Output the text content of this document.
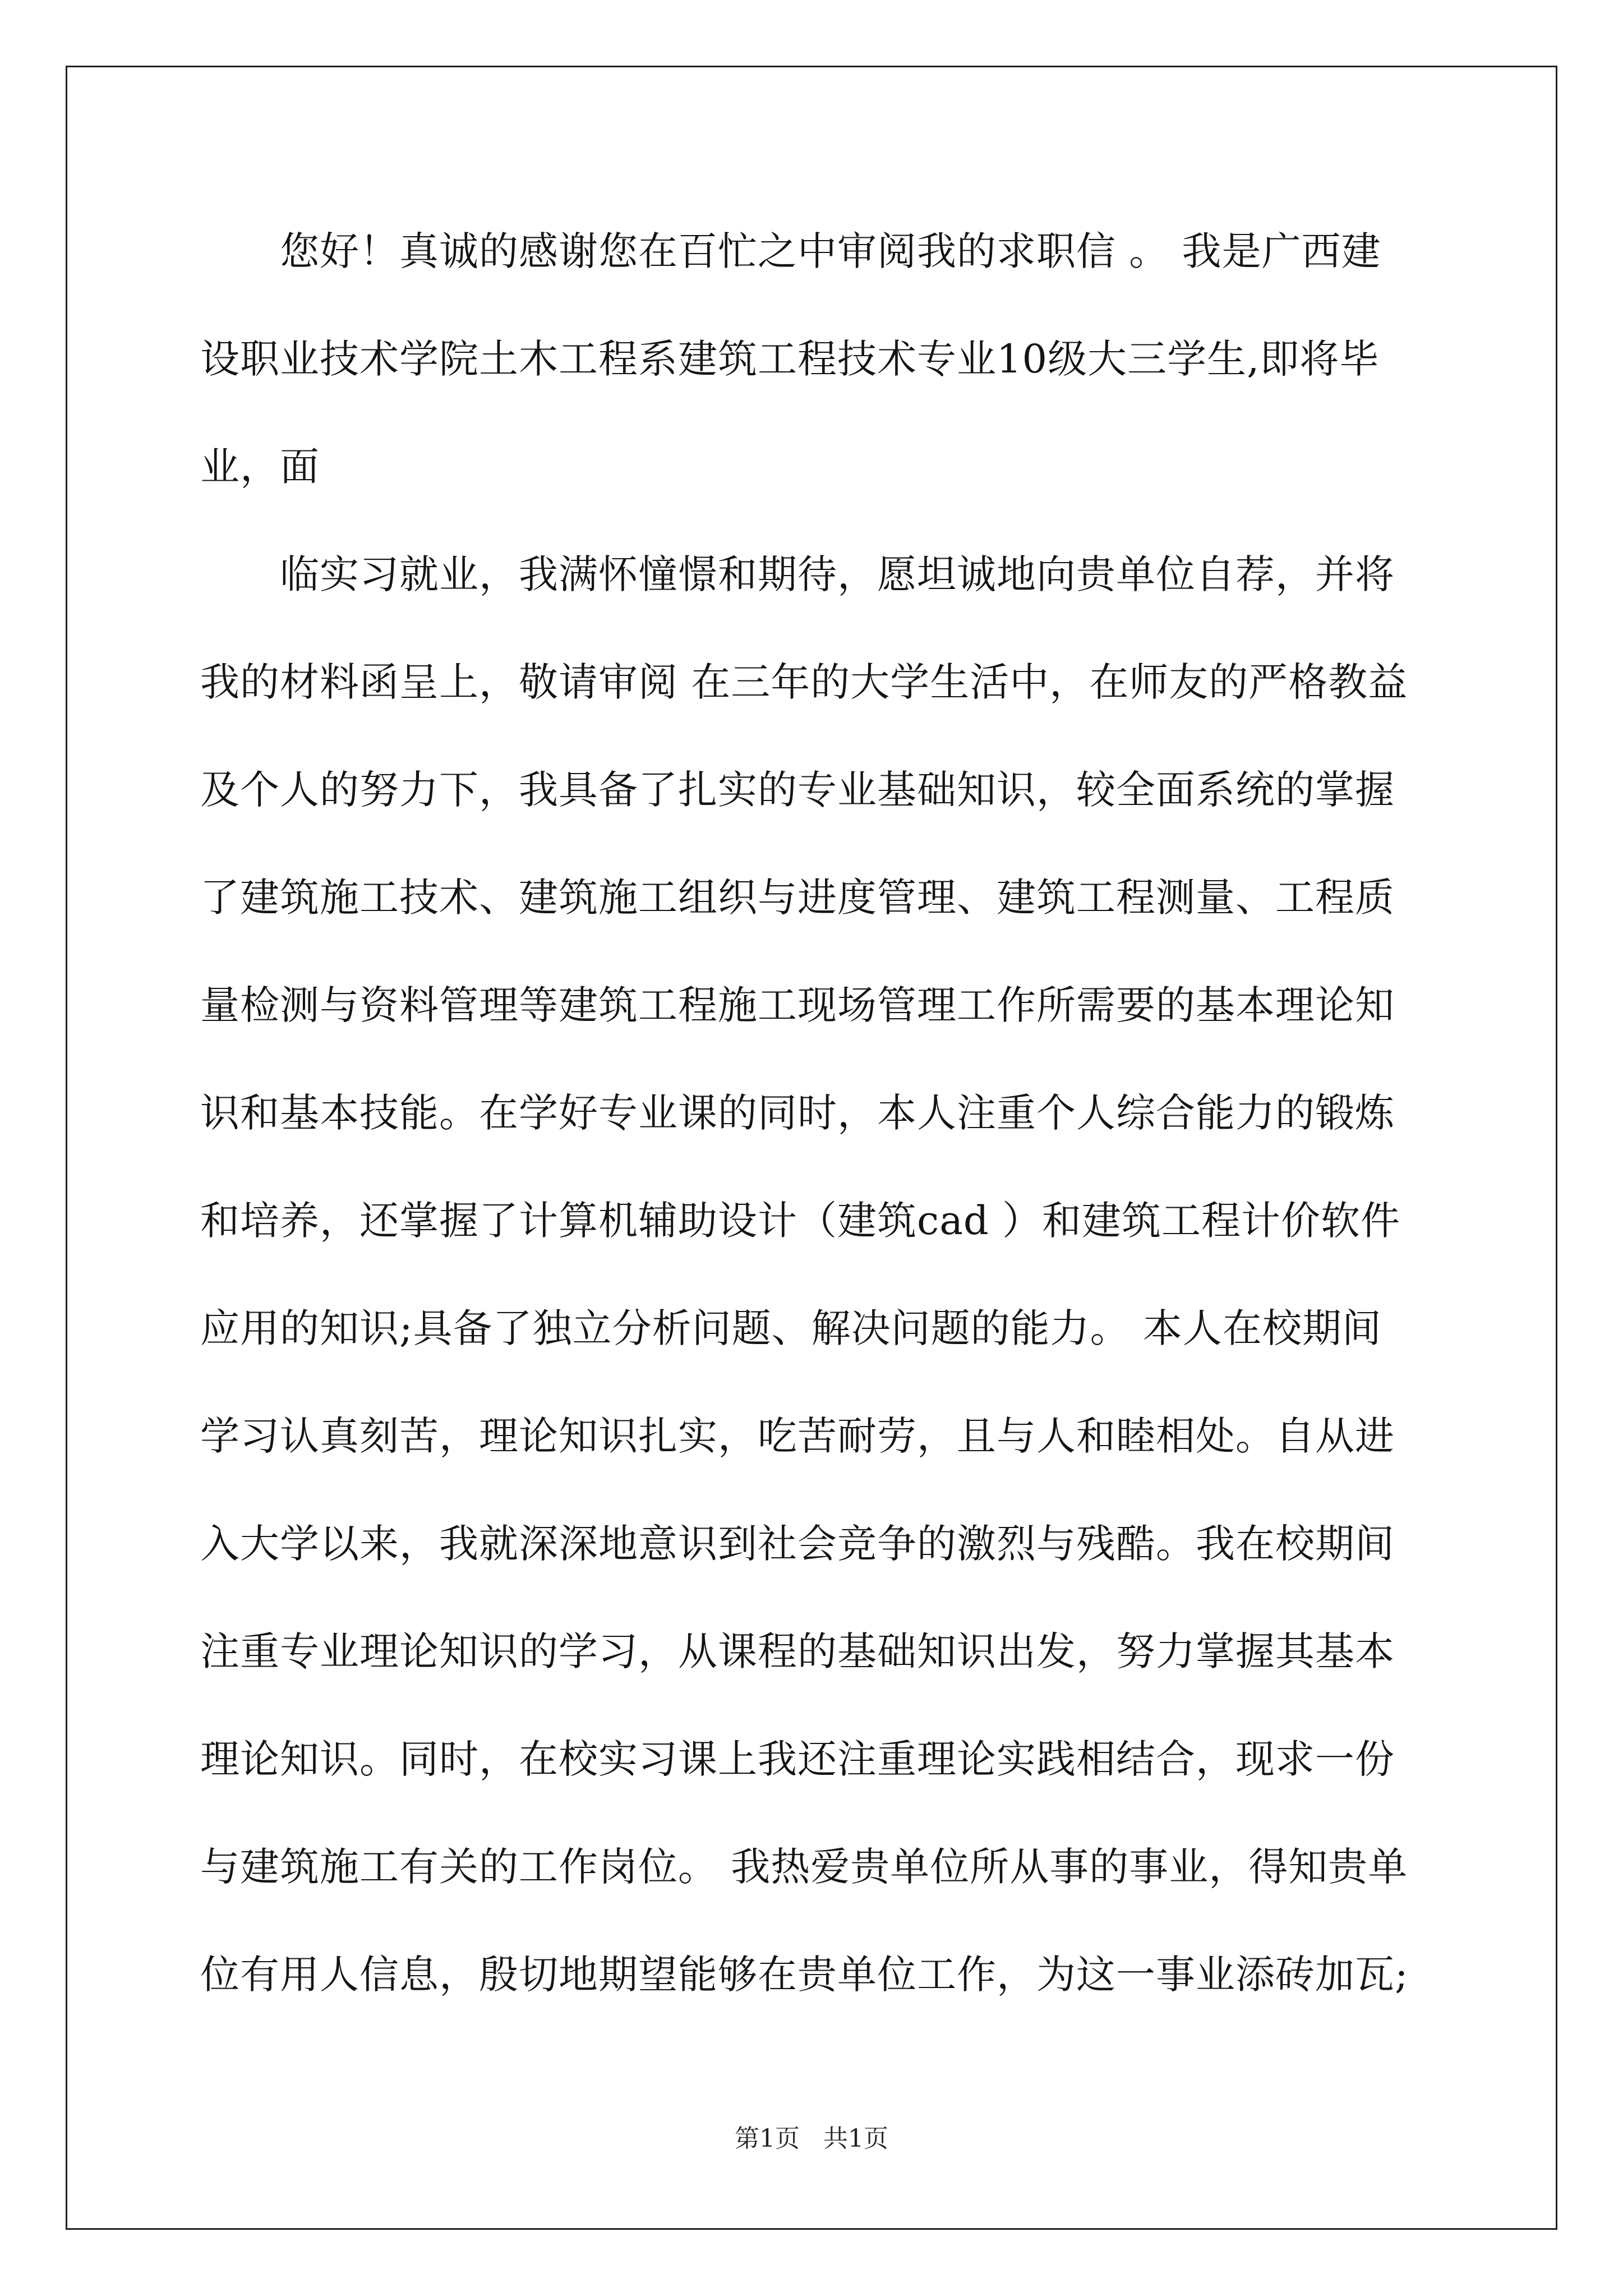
您好！真诚的感谢您在百忙之中审阅我的求职信 。 我是广西建
设职业技术学院土木工程系建筑工程技术专业10级大三学生,即将毕
业，面
临实习就业，我满怀憧憬和期待，愿坦诚地向贵单位自荐，并将
我的材料函呈上，敬请审阅 在三年的大学生活中，在师友的严格教益
及个人的努力下，我具备了扎实的专业基础知识，较全面系统的掌握
了建筑施工技术、建筑施工组织与进度管理、建筑工程测量、工程质
量检测与资料管理等建筑工程施工现场管理工作所需要的基本理论知
识和基本技能。在学好专业课的同时，本人注重个人综合能力的锻炼
和培养，还掌握了计算机辅助设计（建筑cad ）和建筑工程计价软件
应用的知识;具备了独立分析问题、解决问题的能力。 本人在校期间
学习认真刻苦，理论知识扎实，吃苦耐劳，且与人和睦相处。自从进
入大学以来，我就深深地意识到社会竞争的激烈与残酷。我在校期间
注重专业理论知识的学习，从课程的基础知识出发，努力掌握其基本
理论知识。同时，在校实习课上我还注重理论实践相结合，现求一份
与建筑施工有关的工作岗位。 我热爱贵单位所从事的事业，得知贵单
位有用人信息，殷切地期望能够在贵单位工作，为这一事业添砖加瓦;
第1页   共1页
